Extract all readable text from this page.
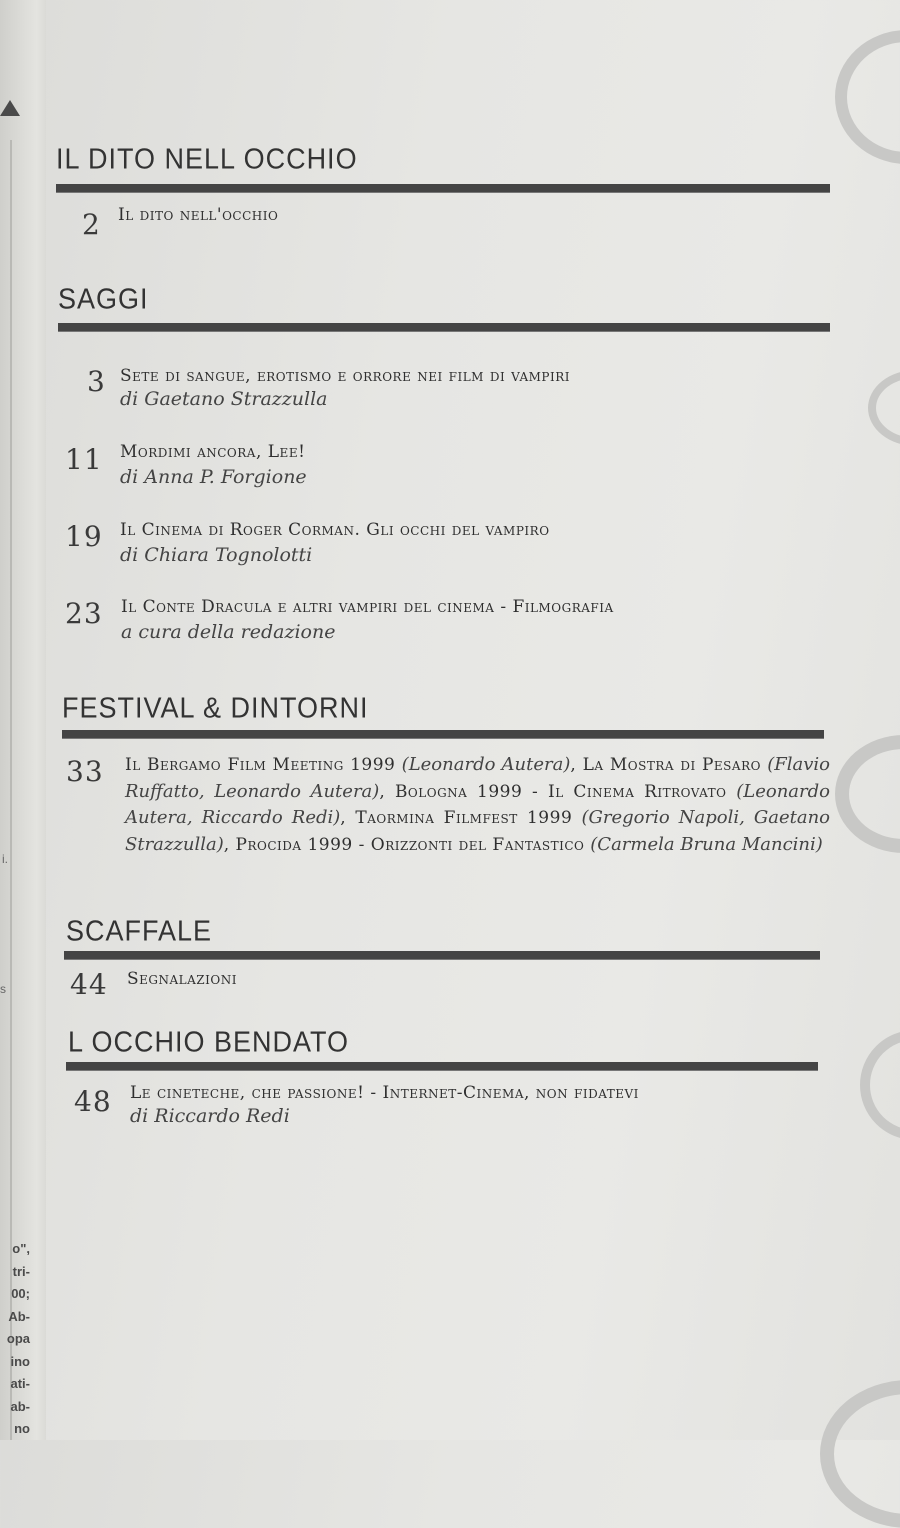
i.
s
o",
tri-
00;
Ab-
opa
ino
ati-
ab-
no
IL DITO NELL OCCHIO
2 Il dito nell'occhio
SAGGI
3 Sete di sangue, erotismo e orrore nei film di vampiri
di Gaetano Strazzulla
11 Mordimi ancora, Lee!
di Anna P. Forgione
19 Il Cinema di Roger Corman. Gli occhi del vampiro
di Chiara Tognolotti
23 Il Conte Dracula e altri vampiri del cinema - Filmografia
a cura della redazione
FESTIVAL & DINTORNI
33 Il Bergamo Film Meeting 1999 (Leonardo Autera), La Mostra di Pesaro (Flavio Ruffatto, Leonardo Autera), Bologna 1999 - Il Cinema Ritrovato (Leonardo Autera, Riccardo Redi), Taormina Filmfest 1999 (Gregorio Napoli, Gaetano Strazzulla), Procida 1999 - Orizzonti del Fantastico (Carmela Bruna Mancini)
SCAFFALE
44 Segnalazioni
L OCCHIO BENDATO
48 Le cineteche, che passione! - Internet-Cinema, non fidatevi
di Riccardo Redi
